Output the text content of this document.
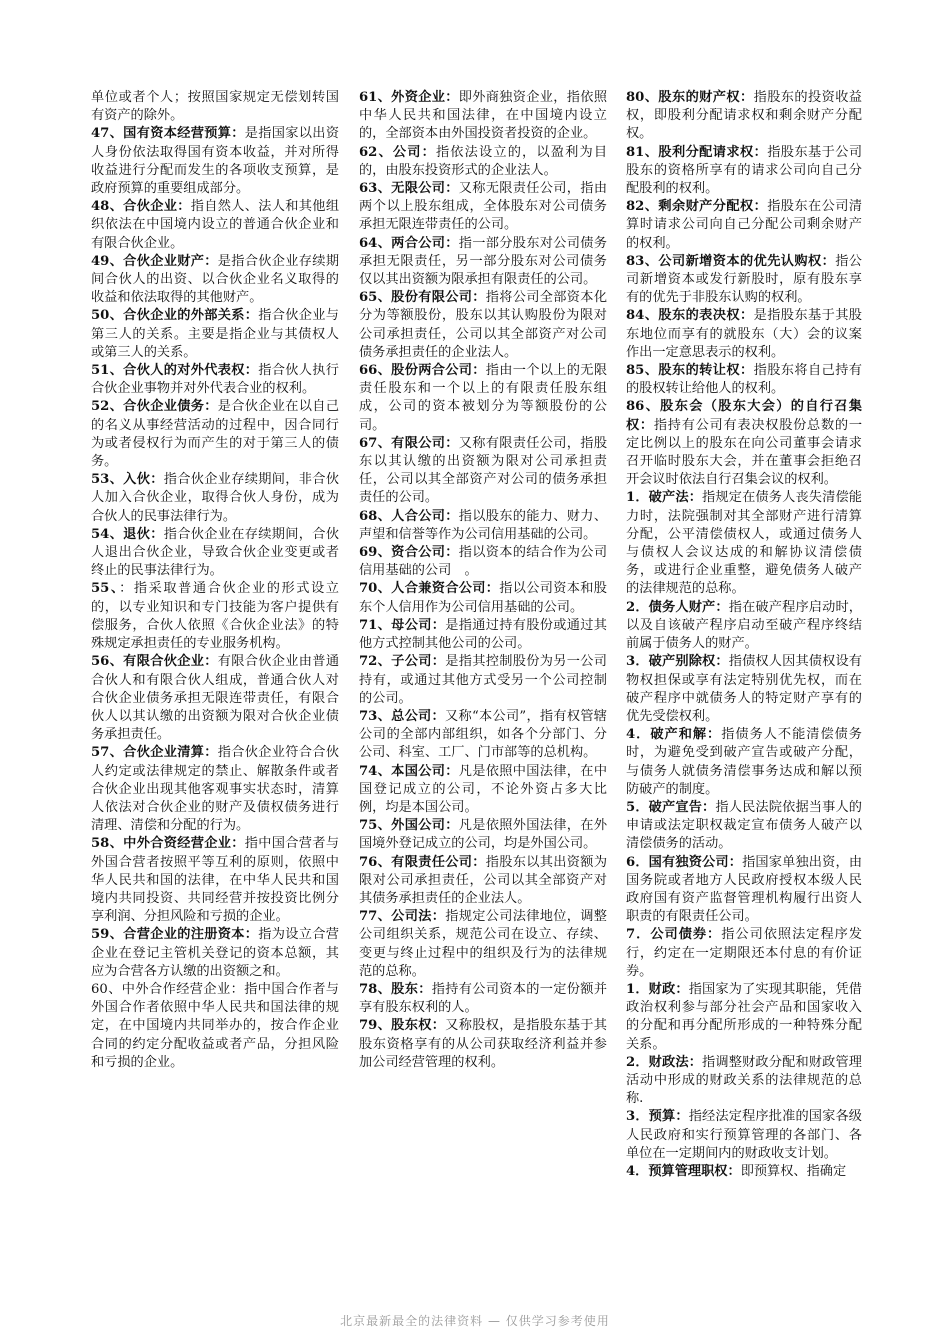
单位或者个人；按照国家规定无偿划转国有资产的除外。

47、国有资本经营预算：是指国家以出资人身份依法取得国有资本收益，并对所得收益进行分配而发生的各项收支预算，是政府预算的重要组成部分。

48、合伙企业：指自然人、法人和其他组织依法在中国境内设立的普通合伙企业和有限合伙企业。

49、合伙企业财产：是指合伙企业存续期间合伙人的出资、以合伙企业名义取得的收益和依法取得的其他财产。

50、合伙企业的外部关系：指合伙企业与第三人的关系。主要是指企业与其债权人或第三人的关系。

51、合伙人的对外代表权：指合伙人执行合伙企业事物并对外代表合业的权利。

52、合伙企业债务：是合伙企业在以自己的名义从事经营活动的过程中，因合同行为或者侵权行为而产生的对于第三人的债务。

53、入伙：指合伙企业存续期间，非合伙人加入合伙企业，取得合伙人身份，成为合伙人的民事法律行为。

54、退伙：指合伙企业在存续期间，合伙人退出合伙企业，导致合伙企业变更或者终止的民事法律行为。

55、：指采取普通合伙企业的形式设立的，以专业知识和专门技能为客户提供有偿服务，合伙人依照《合伙企业法》的特殊规定承担责任的专业服务机构。

56、有限合伙企业：有限合伙企业由普通合伙人和有限合伙人组成，普通合伙人对合伙企业债务承担无限连带责任，有限合伙人以其认缴的出资额为限对合伙企业债务承担责任。

57、合伙企业清算：指合伙企业符合合伙人约定或法律规定的禁止、解散条件或者合伙企业出现其他客观事实状态时，清算人依法对合伙企业的财产及债权债务进行清理、清偿和分配的行为。

58、中外合资经营企业：指中国合营者与外国合营者按照平等互利的原则，依照中华人民共和国的法律，在中华人民共和国境内共同投资、共同经营并按投资比例分享利润、分担风险和亏损的企业。

59、合营企业的注册资本：指为设立合营企业在登记主管机关登记的资本总额，其应为合营各方认缴的出资额之和。

60、中外合作经营企业：指中国合作者与外国合作者依照中华人民共和国法律的规定，在中国境内共同举办的，按合作企业合同的约定分配收益或者产品，分担风险和亏损的企业。

61、外资企业：即外商独资企业，指依照中华人民共和国法律，在中国境内设立的，全部资本由外国投资者投资的企业。

62、公司：指依法设立的，以盈利为目的，由股东投资形式的企业法人。

63、无限公司：又称无限责任公司，指由两个以上股东组成，全体股东对公司债务承担无限连带责任的公司。

64、两合公司：指一部分股东对公司债务承担无限责任，另一部分股东对公司债务仅以其出资额为限承担有限责任的公司。

65、股份有限公司：指将公司全部资本化分为等额股份，股东以其认购股份为限对公司承担责任，公司以其全部资产对公司债务承担责任的企业法人。

66、股份两合公司：指由一个以上的无限责任股东和一个以上的有限责任股东组成，公司的资本被划分为等额股份的公司。

67、有限公司：又称有限责任公司，指股东以其认缴的出资额为限对公司承担责任，公司以其全部资产对公司的债务承担责任的公司。

68、人合公司：指以股东的能力、财力、声望和信誉等作为公司信用基础的公司。

69、资合公司：指以资本的结合作为公司信用基础的公司　。

70、人合兼资合公司：指以公司资本和股东个人信用作为公司信用基础的公司。

71、母公司：是指通过持有股份或通过其他方式控制其他公司的公司。

72、子公司：是指其控制股份为另一公司持有，或通过其他方式受另一个公司控制的公司。

73、总公司：又称“本公司”，指有权管辖公司的全部内部组织，如各个分部门、分公司、科室、工厂、门市部等的总机构。

74、本国公司：凡是依照中国法律，在中国登记成立的公司，不论外资占多大比例，均是本国公司。

75、外国公司：凡是依照外国法律，在外国境外登记成立的公司，均是外国公司。

76、有限责任公司：指股东以其出资额为限对公司承担责任，公司以其全部资产对其债务承担责任的企业法人。

77、公司法：指规定公司法律地位，调整公司组织关系，规范公司在设立、存续、变更与终止过程中的组织及行为的法律规范的总称。

78、股东：指持有公司资本的一定份额并享有股东权利的人。

79、股东权：又称股权，是指股东基于其股东资格享有的从公司获取经济利益并参加公司经营管理的权利。

80、股东的财产权：指股东的投资收益权，即股利分配请求权和剩余财产分配权。

81、股利分配请求权：指股东基于公司股东的资格所享有的请求公司向自己分配股利的权利。

82、剩余财产分配权：指股东在公司清算时请求公司向自己分配公司剩余财产的权利。

83、公司新增资本的优先认购权：指公司新增资本或发行新股时，原有股东享有的优先于非股东认购的权利。

84、股东的表决权：是指股东基于其股东地位而享有的就股东（大）会的议案作出一定意思表示的权利。

85、股东的转让权：指股东将自己持有的股权转让给他人的权利。

86、股东会（股东大会）的自行召集权：指持有公司有表决权股份总数的一定比例以上的股东在向公司董事会请求召开临时股东大会，并在董事会拒绝召开会议时依法自行召集会议的权利。

1．破产法：指规定在债务人丧失清偿能力时，法院强制对其全部财产进行清算分配，公平清偿债权人，或通过债务人与债权人会议达成的和解协议清偿债务，或进行企业重整，避免债务人破产的法律规范的总称。

2．债务人财产：指在破产程序启动时，以及自该破产程序启动至破产程序终结前属于债务人的财产。

3．破产别除权：指债权人因其债权设有物权担保或享有法定特别优先权，而在破产程序中就债务人的特定财产享有的优先受偿权利。

4．破产和解：指债务人不能清偿债务时，为避免受到破产宣告或破产分配，与债务人就债务清偿事务达成和解以预防破产的制度。

5．破产宣告：指人民法院依据当事人的申请或法定职权裁定宣布债务人破产以清偿债务的活动。

6．国有独资公司：指国家单独出资，由国务院或者地方人民政府授权本级人民政府国有资产监督管理机构履行出资人职责的有限责任公司。

7．公司债券：指公司依照法定程序发行，约定在一定期限还本付息的有价证券。

1．财政：指国家为了实现其职能，凭借政治权利参与部分社会产品和国家收入的分配和再分配所形成的一种特殊分配关系。

2．财政法：指调整财政分配和财政管理活动中形成的财政关系的法律规范的总称.

3．预算：指经法定程序批准的国家各级人民政府和实行预算管理的各部门、各单位在一定期间内的财政收支计划。

4．预算管理职权：即预算权、指确定

北京最新最全的法律资料 — 仅供学习参考使用
